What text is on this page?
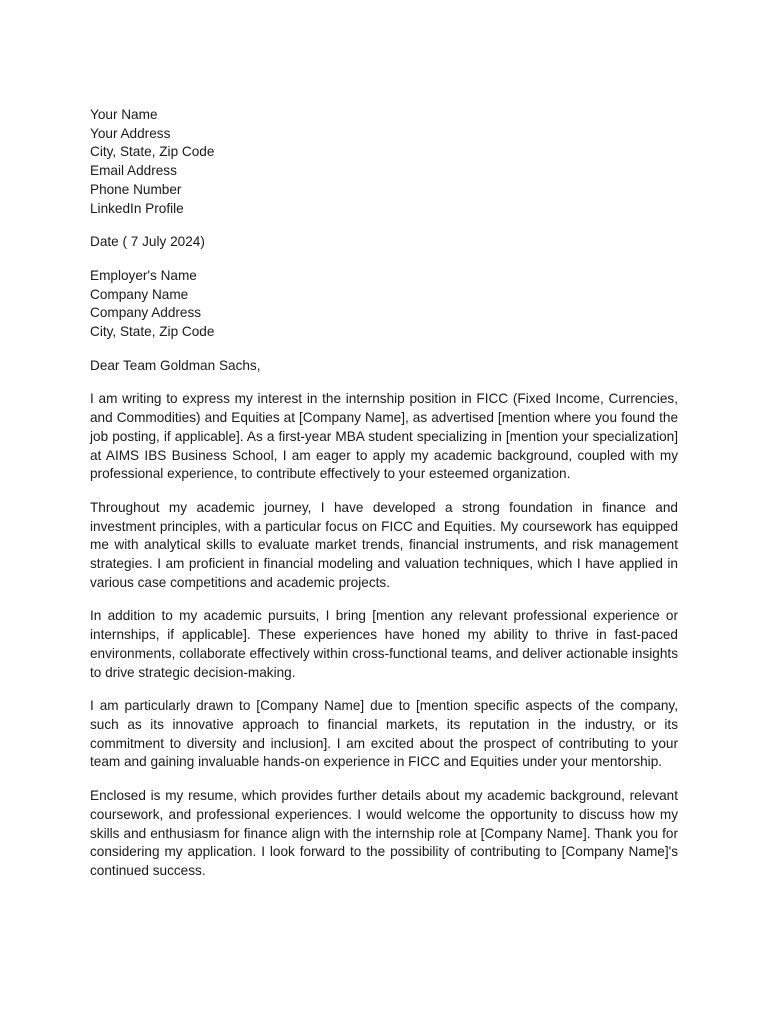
Your Name
Your Address
City, State, Zip Code
Email Address
Phone Number
LinkedIn Profile
Date ( 7 July 2024)
Employer's Name
Company Name
Company Address
City, State, Zip Code
Dear Team Goldman Sachs,

I am writing to express my interest in the internship position in FICC (Fixed Income, Currencies, and Commodities) and Equities at [Company Name], as advertised [mention where you found the job posting, if applicable]. As a first-year MBA student specializing in [mention your specialization] at AIMS IBS Business School, I am eager to apply my academic background, coupled with my professional experience, to contribute effectively to your esteemed organization.

Throughout my academic journey, I have developed a strong foundation in finance and investment principles, with a particular focus on FICC and Equities. My coursework has equipped me with analytical skills to evaluate market trends, financial instruments, and risk management strategies. I am proficient in financial modeling and valuation techniques, which I have applied in various case competitions and academic projects.

In addition to my academic pursuits, I bring [mention any relevant professional experience or internships, if applicable]. These experiences have honed my ability to thrive in fast-paced environments, collaborate effectively within cross-functional teams, and deliver actionable insights to drive strategic decision-making.

I am particularly drawn to [Company Name] due to [mention specific aspects of the company, such as its innovative approach to financial markets, its reputation in the industry, or its commitment to diversity and inclusion]. I am excited about the prospect of contributing to your team and gaining invaluable hands-on experience in FICC and Equities under your mentorship.

Enclosed is my resume, which provides further details about my academic background, relevant coursework, and professional experiences. I would welcome the opportunity to discuss how my skills and enthusiasm for finance align with the internship role at [Company Name]. Thank you for considering my application. I look forward to the possibility of contributing to [Company Name]'s continued success.
